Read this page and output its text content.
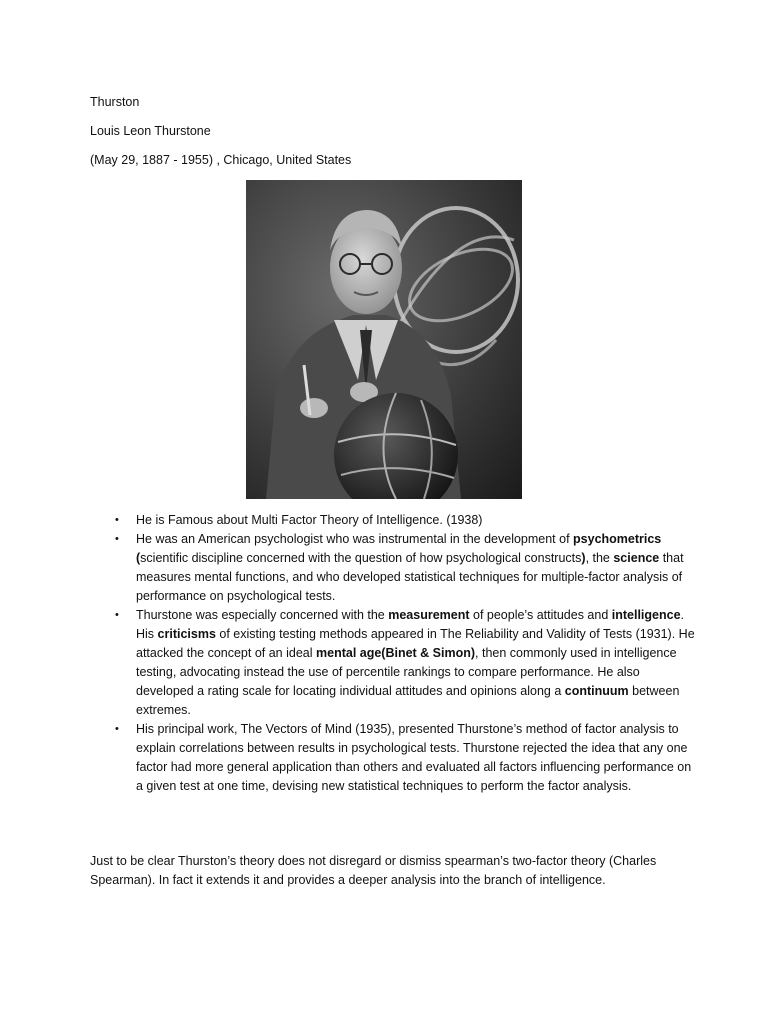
Thurston
Louis Leon Thurstone
(May 29, 1887 - 1955) , Chicago, United States
• He is Famous about Multi Factor Theory of Intelligence. (1938)
• He was an American psychologist who was instrumental in the development of psychometrics (scientific discipline concerned with the question of how psychological constructs), the science that measures mental functions, and who developed statistical techniques for multiple-factor analysis of performance on psychological tests.
• Thurstone was especially concerned with the measurement of people’s attitudes and intelligence. His criticisms of existing testing methods appeared in The Reliability and Validity of Tests (1931). He attacked the concept of an ideal mental age(Binet & Simon), then commonly used in intelligence testing, advocating instead the use of percentile rankings to compare performance. He also developed a rating scale for locating individual attitudes and opinions along a continuum between extremes.
• His principal work, The Vectors of Mind (1935), presented Thurstone’s method of factor analysis to explain correlations between results in psychological tests. Thurstone rejected the idea that any one factor had more general application than others and evaluated all factors influencing performance on a given test at one time, devising new statistical techniques to perform the factor analysis.
Just to be clear Thurston’s theory does not disregard or dismiss spearman’s two-factor theory (Charles Spearman). In fact it extends it and provides a deeper analysis into the branch of intelligence.
